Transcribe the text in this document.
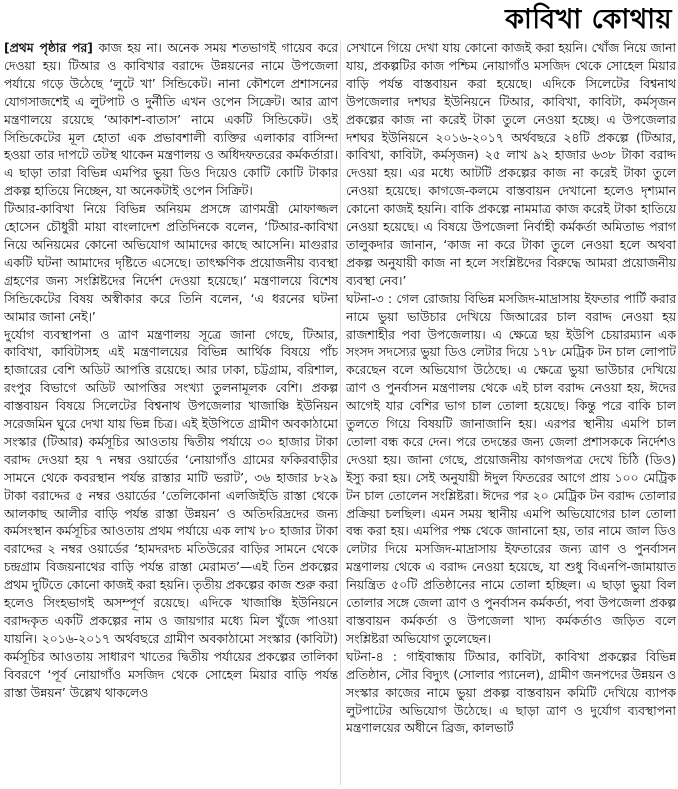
কাবিখা কোথায়

[প্রথম পৃষ্ঠার পর] কাজ হয় না। অনেক সময় শতভাগই গায়েব করে দেওয়া হয়। টিআর ও কাবিখার বরাদ্দে উন্নয়নের নামে উপজেলা পর্যায়ে গড়ে উঠেছে ‘লুটে খা’ সিন্ডিকেট। নানা কৌশলে প্রশাসনের যোগসাজশেই এ লুটপাট ও দুর্নীতি এখন ওপেন সিক্রেট। আর ত্রাণ মন্ত্রণালয়ে রয়েছে ‘আকাশ-বাতাস’ নামে একটি সিন্ডিকেট। ওই সিন্ডিকেটের মূল হোতা এক প্রভাবশালী ব্যক্তির এলাকার বাসিন্দা হওয়া তার দাপটে তটস্থ থাকেন মন্ত্রণালয় ও অধিদফতরের কর্মকর্তারা। এ ছাড়া তারা বিভিন্ন এমপির ভুয়া ডিও দিয়েও কোটি কোটি টাকার প্রকল্প হাতিয়ে নিচ্ছেন, যা অনেকটাই ওপেন সিক্রিট।

টিআর-কাবিখা নিয়ে বিভিন্ন অনিয়ম প্রসঙ্গে ত্রাণমন্ত্রী মোফাজ্জল হোসেন চৌধুরী মায়া বাংলাদেশ প্রতিদিনকে বলেন, ‘টিআর-কাবিখা নিয়ে অনিয়মের কোনো অভিযোগ আমাদের কাছে আসেনি। মাগুরার একটি ঘটনা আমাদের দৃষ্টিতে এসেছে। তাৎক্ষণিক প্রয়োজনীয় ব্যবস্থা গ্রহণের জন্য সংশ্লিষ্টদের নির্দেশ দেওয়া হয়েছে।’ মন্ত্রণালয়ে বিশেষ সিন্ডিকেটের বিষয় অস্বীকার করে তিনি বলেন, ‘এ ধরনের ঘটনা আমার জানা নেই।’

দুর্যোগ ব্যবস্থাপনা ও ত্রাণ মন্ত্রণালয় সূত্রে জানা গেছে, টিআর, কাবিখা, কাবিটাসহ এই মন্ত্রণালয়ের বিভিন্ন আর্থিক বিষয়ে পাঁচ হাজারের বেশি অডিট আপত্তি রয়েছে। আর ঢাকা, চট্টগ্রাম, বরিশাল, রংপুর বিভাগে অডিট আপত্তির সংখ্যা তুলনামূলক বেশি। প্রকল্প বাস্তবায়ন বিষয়ে সিলেটের বিশ্বনাথ উপজেলার খাজাঞ্চি ইউনিয়ন সরেজমিন ঘুরে দেখা যায় ভিন্ন চিত্র। এই ইউপিতে গ্রামীণ অবকাঠামো সংস্কার (টিআর) কর্মসূচির আওতায় দ্বিতীয় পর্যায়ে ৩০ হাজার টাকা বরাদ্দ দেওয়া হয় ৭ নম্বর ওয়ার্ডের ‘নোয়াগাঁও গ্রামের ফকিরবাড়ীর সামনে থেকে কবরস্থান পর্যন্ত রাস্তার মাটি ভরাট’, ৩৬ হাজার ৮২৯ টাকা বরাদ্দের ৫ নম্বর ওয়ার্ডের ‘তেলিকোনা এলজিইডি রাস্তা থেকে আলকাছ আলীর বাড়ি পর্যন্ত রাস্তা উন্নয়ন’ ও অতিদরিদ্রদের জন্য কর্মসংস্থান কর্মসূচির আওতায় প্রথম পর্যায়ে এক লাখ ৮০ হাজার টাকা বরাদ্দের ২ নম্বর ওয়ার্ডের ‘হামদরদচ মতিউরের বাড়ির সামনে থেকে চন্দ্রগ্রাম বিজয়নাথের বাড়ি পর্যন্ত রাস্তা মেরামত’—এই তিন প্রকল্পের প্রথম দুটিতে কোনো কাজই করা হয়নি। তৃতীয় প্রকল্পের কাজ শুরু করা হলেও সিংহভাগই অসম্পূর্ণ রয়েছে। এদিকে খাজাঞ্চি ইউনিয়নে বরাদ্দকৃত একটি প্রকল্পের নাম ও জায়গার মধ্যে মিল খুঁজে পাওয়া যায়নি। ২০১৬-২০১৭ অর্থবছরে গ্রামীণ অবকাঠামো সংস্কার (কাবিটা) কর্মসূচির আওতায় সাধারণ খাতের দ্বিতীয় পর্যায়ের প্রকল্পের তালিকা বিবরণে ‘পূর্ব নোয়াগাঁও মসজিদ থেকে সোহেল মিয়ার বাড়ি পর্যন্ত রাস্তা উন্নয়ন’ উল্লেখ থাকলেও

সেখানে গিয়ে দেখা যায় কোনো কাজই করা হয়নি। খোঁজ নিয়ে জানা যায়, প্রকল্পটির কাজ পশ্চিম নোয়াগাঁও মসজিদ থেকে সোহেল মিয়ার বাড়ি পর্যন্ত বাস্তবায়ন করা হয়েছে। এদিকে সিলেটের বিশ্বনাথ উপজেলার দশঘর ইউনিয়নে টিআর, কাবিখা, কাবিটা, কর্মসৃজন প্রকল্পের কাজ না করেই টাকা তুলে নেওয়া হচ্ছে। এ উপজেলার দশঘর ইউনিয়নে ২০১৬-২০১৭ অর্থবছরে ২৪টি প্রকল্পে (টিআর, কাবিখা, কাবিটা, কর্মসৃজন) ২৫ লাখ ৯২ হাজার ৬৩৮ টাকা বরাদ্দ দেওয়া হয়। এর মধ্যে আটটি প্রকল্পের কাজ না করেই টাকা তুলে নেওয়া হয়েছে। কাগজে-কলমে বাস্তবায়ন দেখানো হলেও দৃশ্যমান কোনো কাজই হয়নি। বাকি প্রকল্পে নামমাত্র কাজ করেই টাকা হাতিয়ে নেওয়া হয়েছে। এ বিষয়ে উপজেলা নির্বাহী কর্মকর্তা অমিতাভ পরাগ তালুকদার জানান, ‘কাজ না করে টাকা তুলে নেওয়া হলে অথবা প্রকল্প অনুযায়ী কাজ না হলে সংশ্লিষ্টদের বিরুদ্ধে আমরা প্রয়োজনীয় ব্যবস্থা নেব।’

ঘটনা-৩ : গেল রোজায় বিভিন্ন মসজিদ-মাদ্রাসায় ইফতার পার্টি করার নামে ভুয়া ভাউচার দেখিয়ে জিআরের চাল বরাদ্দ নেওয়া হয় রাজশাহীর পবা উপজেলায়। এ ক্ষেত্রে ছয় ইউপি চেয়ারম্যান এক সংসদ সদস্যের ভুয়া ডিও লেটার দিয়ে ১৭৮ মেট্রিক টন চাল লোপাট করেছেন বলে অভিযোগ উঠেছে। এ ক্ষেত্রে ভুয়া ভাউচার দেখিয়ে ত্রাণ ও পুনর্বাসন মন্ত্রণালয় থেকে এই চাল বরাদ্দ নেওয়া হয়, ঈদের আগেই যার বেশির ভাগ চাল তোলা হয়েছে। কিন্তু পরে বাকি চাল তুলতে গিয়ে বিষয়টি জানাজানি হয়। এরপর স্থানীয় এমপি চাল তোলা বন্ধ করে দেন। পরে তদন্তের জন্য জেলা প্রশাসককে নির্দেশও দেওয়া হয়। জানা গেছে, প্রয়োজনীয় কাগজপত্র দেখে চিঠি (ডিও) ইস্যু করা হয়। সেই অনুযায়ী ঈদুল ফিতরের আগে প্রায় ১০০ মেট্রিক টন চাল তোলেন সংশ্লিষ্টরা। ঈদের পর ২০ মেট্রিক টন বরাদ্দ তোলার প্রক্রিয়া চলছিল। এমন সময় স্থানীয় এমপি অভিযোগের চাল তোলা বন্ধ করা হয়। এমপির পক্ষ থেকে জানানো হয়, তার নামে জাল ডিও লেটার দিয়ে মসজিদ-মাদ্রাসায় ইফতারের জন্য ত্রাণ ও পুনর্বাসন মন্ত্রণালয় থেকে এ বরাদ্দ নেওয়া হয়েছে, যা শুধু বিএনপি-জামায়াত নিয়ন্ত্রিত ৫০টি প্রতিষ্ঠানের নামে তোলা হচ্ছিল। এ ছাড়া ভুয়া বিল তোলার সঙ্গে জেলা ত্রাণ ও পুনর্বাসন কর্মকর্তা, পবা উপজেলা প্রকল্প বাস্তবায়ন কর্মকর্তা ও উপজেলা খাদ্য কর্মকর্তাও জড়িত বলে সংশ্লিষ্টরা অভিযোগ তুলেছেন।

ঘটনা-৪ : গাইবান্ধায় টিআর, কাবিটা, কাবিখা প্রকল্পের বিভিন্ন প্রতিষ্ঠান, সৌর বিদ্যুৎ (সোলার প্যানেল), গ্রামীণ জনপদের উন্নয়ন ও সংস্কার কাজের নামে ভুয়া প্রকল্প বাস্তবায়ন কমিটি দেখিয়ে ব্যাপক লুটপাটের অভিযোগ উঠেছে। এ ছাড়া ত্রাণ ও দুর্যোগ ব্যবস্থাপনা মন্ত্রণালয়ের অধীনে ব্রিজ, কালভার্ট
